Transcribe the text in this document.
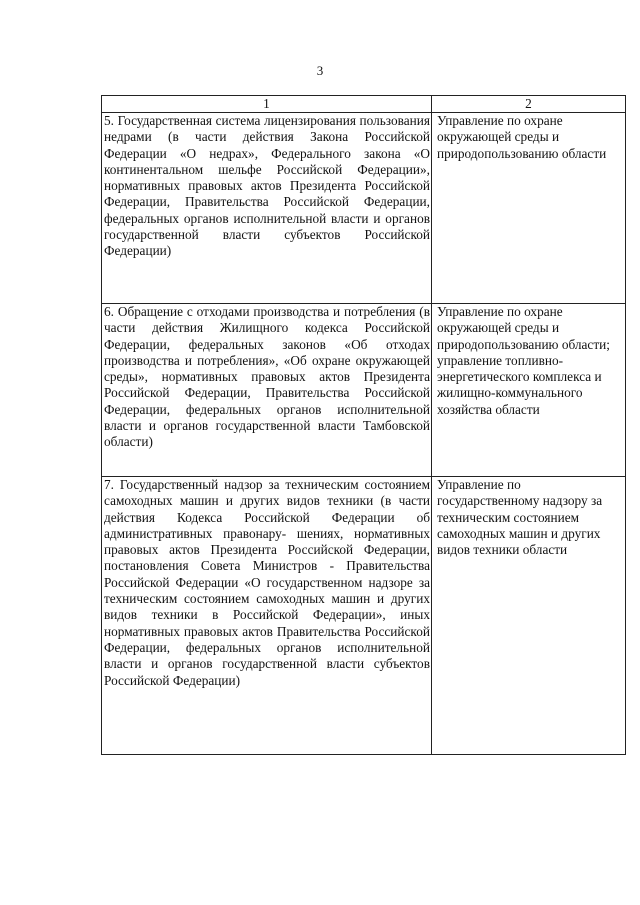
3
1	2
5. Государственная система лицензирования пользования недрами (в части действия Закона Российской Федерации «О недрах», Федерального закона «О континентальном шельфе Российской Федерации», нормативных правовых актов Президента Российской Федерации, Правительства Российской Федерации, федеральных органов исполнительной власти и органов государственной власти субъектов Российской Федерации)	Управление по охране окружающей среды и природопользованию области
6. Обращение с отходами производства и потребления (в части действия Жилищного кодекса Российской Федерации, федеральных законов «Об отходах производства и потребления», «Об охране окружающей среды», нормативных правовых актов Президента Российской Федерации, Правительства Российской Федерации, федеральных органов исполнительной власти и органов государственной власти Тамбовской области)	Управление по охране окружающей среды и природопользованию области; управление топливно-энергетического комплекса и жилищно-коммунального хозяйства области
7. Государственный надзор за техническим состоянием самоходных машин и других видов техники (в части действия Кодекса Российской Федерации об административных правонару- шениях, нормативных правовых актов Президента Российской Федерации, постановления Совета Министров - Правительства Российской Федерации «О государственном надзоре за техническим состоянием самоходных машин и других видов техники в Российской Федерации», иных нормативных правовых актов Правительства Российской Федерации, федеральных органов исполнительной власти и органов государственной власти субъектов Российской Федерации)	Управление по государственному надзору за техническим состоянием самоходных машин и других видов техники области
